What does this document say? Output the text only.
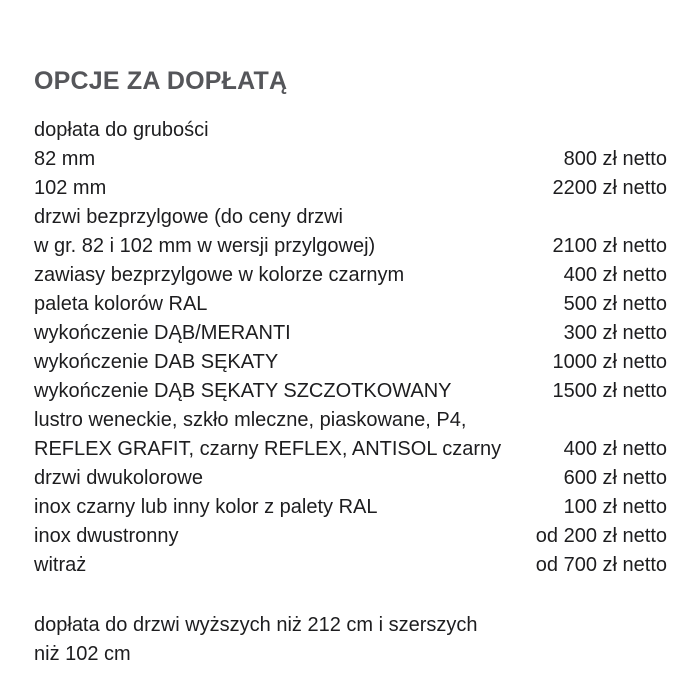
OPCJE ZA DOPŁATĄ
dopłata do grubości
82 mm	800 zł netto
102 mm	2200 zł netto
drzwi bezprzylgowe (do ceny drzwi
w gr. 82 i 102 mm w wersji przylgowej)	2100 zł netto
zawiasy bezprzylgowe w kolorze czarnym	400 zł netto
paleta kolorów RAL	500 zł netto
wykończenie DĄB/MERANTI	300 zł netto
wykończenie DAB SĘKATY	1000 zł netto
wykończenie DĄB SĘKATY SZCZOTKOWANY	1500 zł netto
lustro weneckie, szkło mleczne, piaskowane, P4,
REFLEX GRAFIT, czarny REFLEX, ANTISOL czarny	400 zł netto
drzwi dwukolorowe	600 zł netto
inox czarny lub inny kolor z palety RAL	100 zł netto
inox dwustronny	od 200 zł netto
witraż	od 700 zł netto
dopłata do drzwi wyższych niż 212 cm i szerszych
niż 102 cm
